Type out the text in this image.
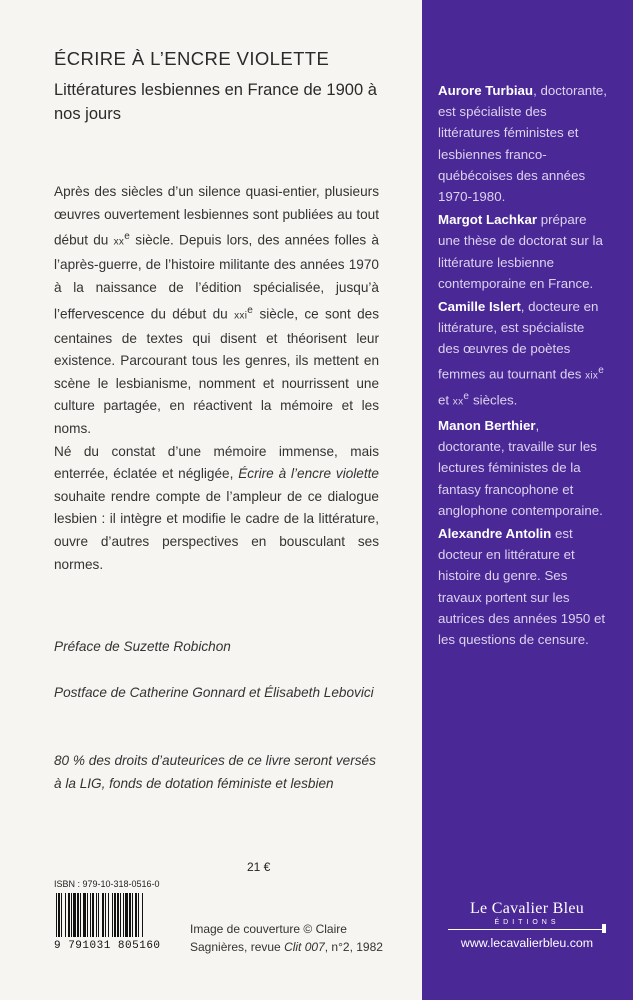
ÉCRIRE À L’ENCRE VIOLETTE
Littératures lesbiennes en France de 1900 à nos jours

Après des siècles d’un silence quasi-entier, plusieurs œuvres ouvertement lesbiennes sont publiées au tout début du $xx^e$ siècle. Depuis lors, des années folles à l’après-guerre, de l’histoire militante des années 1970 à la naissance de l’édition spécialisée, jusqu’à l’effervescence du début du xxi$^e$ siècle, ce sont des centaines de textes qui disent et théorisent leur existence. Parcourant tous les genres, ils mettent en scène le lesbianisme, nomment et nourrissent une culture partagée, en réactivent la mémoire et les noms.

Né du constat d’une mémoire immense, mais enterrée, éclatée et négligée, Écrire à l’encre violette souhaite rendre compte de l’ampleur de ce dialogue lesbien : il intègre et modifie le cadre de la littérature, ouvre d’autres perspectives en bousculant ses normes.

Préface de Suzette Robichon

Postface de Catherine Gonnard et Élisabeth Lebovici

80 % des droits d’auteurices de ce livre seront versés à la LIG, fonds de dotation féministe et lesbien

21 €
ISBN : 979-10-318-0516-0
9 791031 805160
Image de couverture © Claire Sagnières, revue Clit 007, n°2, 1982

Aurore Turbiau, doctorante, est spécialiste des littératures féministes et lesbiennes franco-québécoises des années 1970-1980.

Margot Lachkar prépare une thèse de doctorat sur la littérature lesbienne contemporaine en France.

Camille Islert, docteure en littérature, est spécialiste des œuvres de poètes femmes au tournant des xix$^e$ et $xx^e$ siècles.

Manon Berthier, doctorante, travaille sur les lectures féministes de la fantasy francophone et anglophone contemporaine.

Alexandre Antolin est docteur en littérature et histoire du genre. Ses travaux portent sur les autrices des années 1950 et les questions de censure.

Le Cavalier Bleu
ÉDITIONS
www.lecavalierbleu.com
